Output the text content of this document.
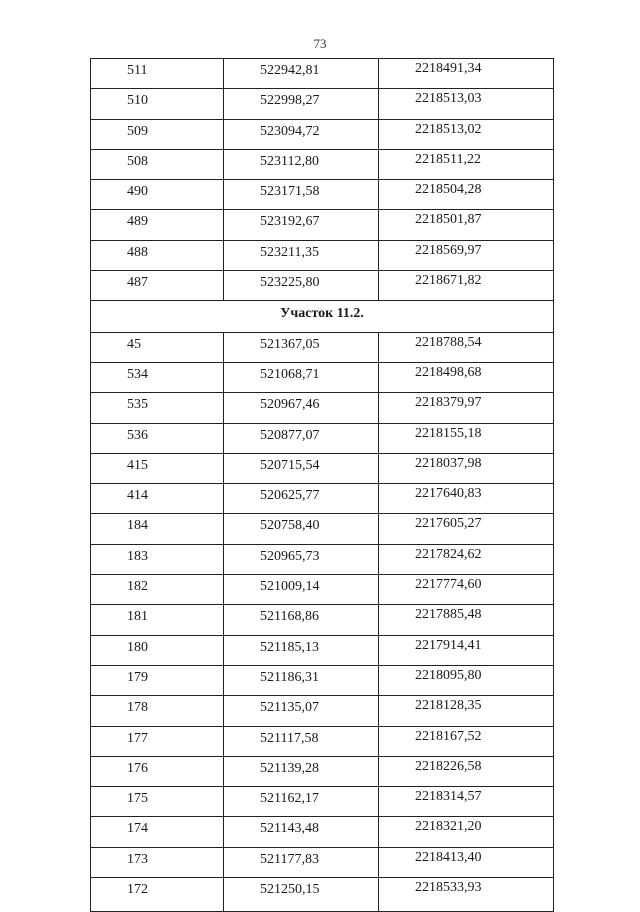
73
511	522942,81	2218491,34
510	522998,27	2218513,03
509	523094,72	2218513,02
508	523112,80	2218511,22
490	523171,58	2218504,28
489	523192,67	2218501,87
488	523211,35	2218569,97
487	523225,80	2218671,82
Участок 11.2.		
45	521367,05	2218788,54
534	521068,71	2218498,68
535	520967,46	2218379,97
536	520877,07	2218155,18
415	520715,54	2218037,98
414	520625,77	2217640,83
184	520758,40	2217605,27
183	520965,73	2217824,62
182	521009,14	2217774,60
181	521168,86	2217885,48
180	521185,13	2217914,41
179	521186,31	2218095,80
178	521135,07	2218128,35
177	521117,58	2218167,52
176	521139,28	2218226,58
175	521162,17	2218314,57
174	521143,48	2218321,20
173	521177,83	2218413,40
172	521250,15	2218533,93
